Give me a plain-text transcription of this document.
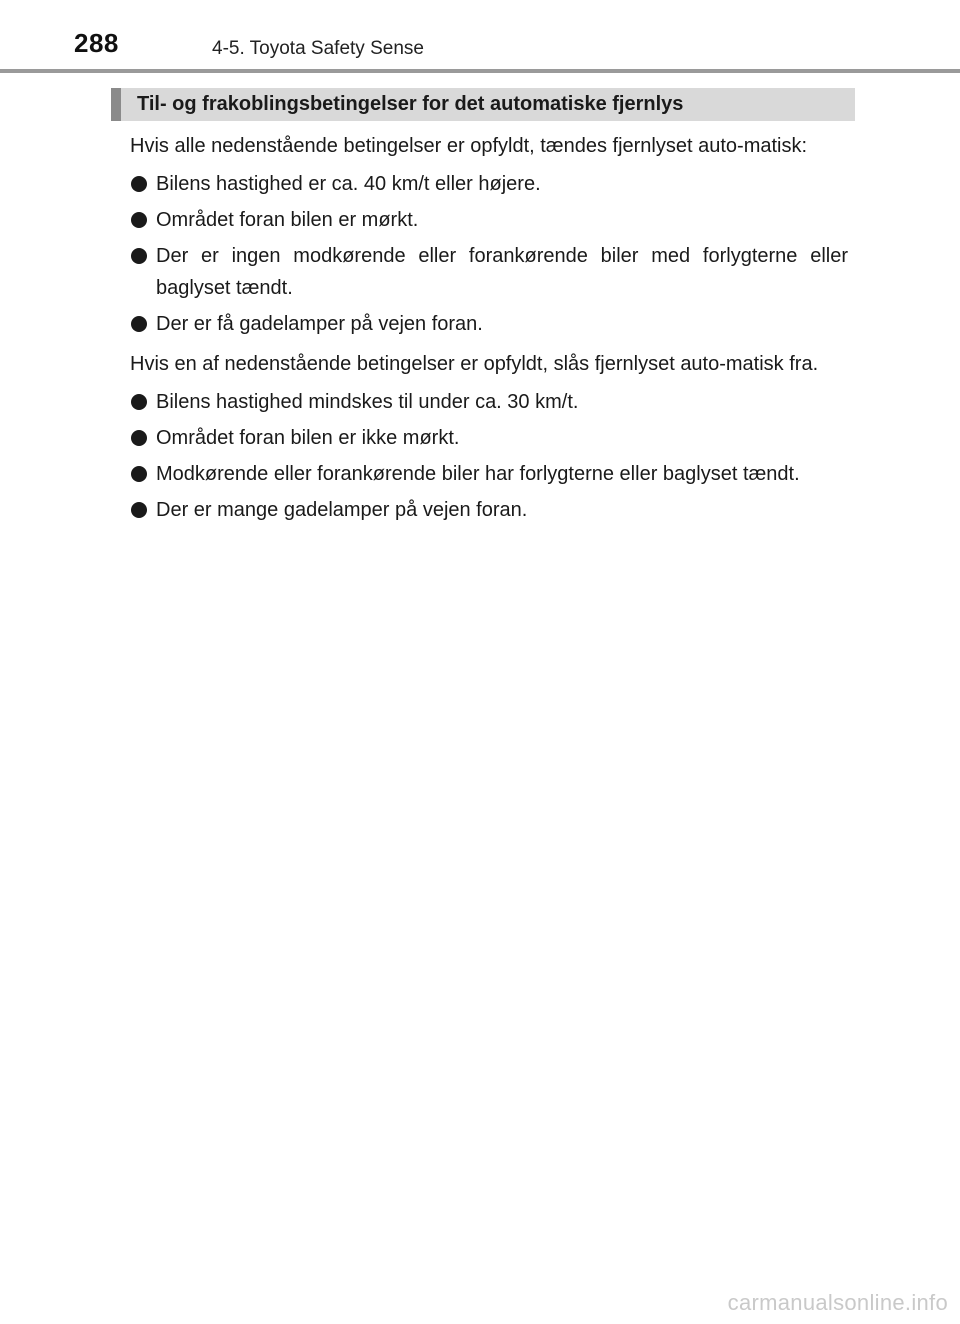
288	4-5. Toyota Safety Sense
Til- og frakoblingsbetingelser for det automatiske fjernlys

Hvis alle nedenstående betingelser er opfyldt, tændes fjernlyset auto-matisk:

Bilens hastighed er ca. 40 km/t eller højere.
Området foran bilen er mørkt.
Der er ingen modkørende eller forankørende biler med forlygterne eller baglyset tændt.
Der er få gadelamper på vejen foran.

Hvis en af nedenstående betingelser er opfyldt, slås fjernlyset auto-matisk fra.

Bilens hastighed mindskes til under ca. 30 km/t.
Området foran bilen er ikke mørkt.
Modkørende eller forankørende biler har forlygterne eller baglyset tændt.
Der er mange gadelamper på vejen foran.
carmanualsonline.info
